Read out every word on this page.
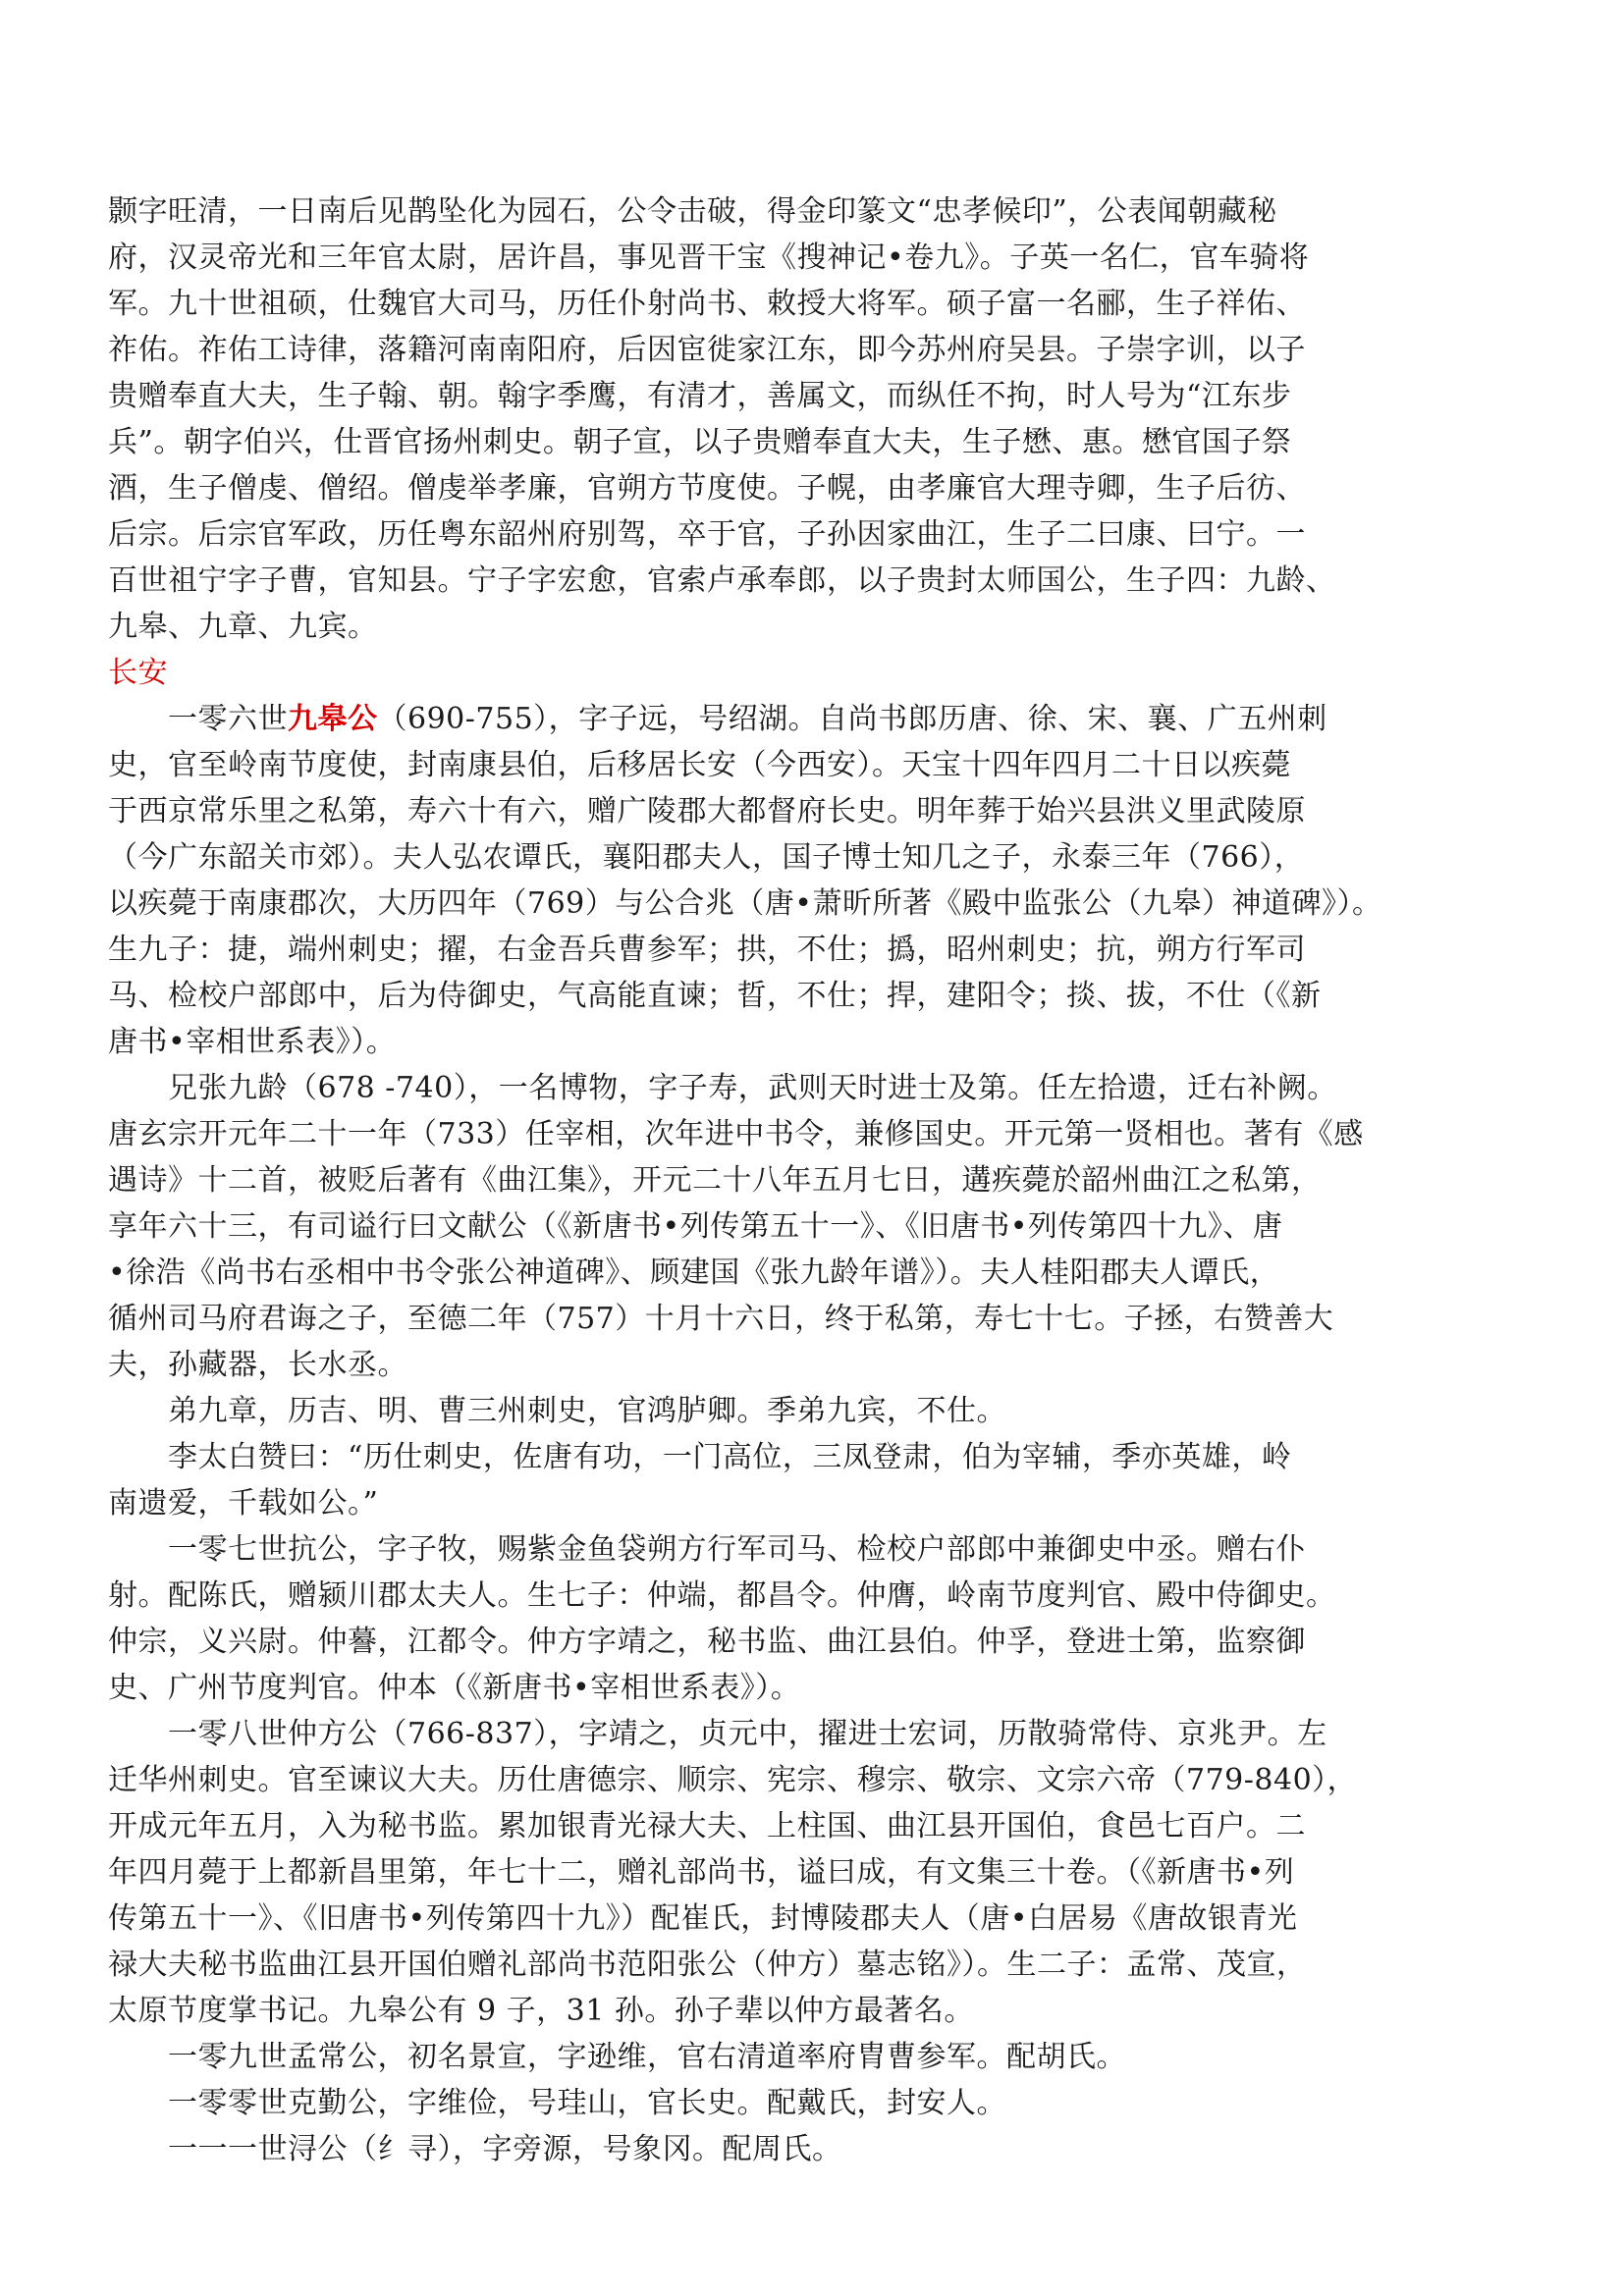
颢字旺清，一日南后见鹊坠化为园石，公令击破，得金印篆文“忠孝候印”，公表闻朝藏秘
府，汉灵帝光和三年官太尉，居许昌，事见晋干宝《搜神记•卷九》。子英一名仁，官车骑将
军。九十世祖硕，仕魏官大司马，历任仆射尚书、敕授大将军。硕子富一名郦，生子祥佑、
祚佑。祚佑工诗律，落籍河南南阳府，后因宦徙家江东，即今苏州府吴县。子崇字训，以子
贵赠奉直大夫，生子翰、朝。翰字季鹰，有清才，善属文，而纵任不拘，时人号为“江东步
兵”。朝字伯兴，仕晋官扬州刺史。朝子宣，以子贵赠奉直大夫，生子懋、惠。懋官国子祭
酒，生子僧虔、僧绍。僧虔举孝廉，官朔方节度使。子幌，由孝廉官大理寺卿，生子后彷、
后宗。后宗官军政，历任粤东韶州府别驾，卒于官，子孙因家曲江，生子二曰康、曰宁。一
百世祖宁字子曹，官知县。宁子字宏愈，官索卢承奉郎，以子贵封太师国公，生子四：九龄、
九皋、九章、九宾。
长安
　　一零六世九皋公（690-755），字子远，号绍湖。自尚书郎历唐、徐、宋、襄、广五州刺
史，官至岭南节度使，封南康县伯，后移居长安（今西安）。天宝十四年四月二十日以疾薨
于西京常乐里之私第，寿六十有六，赠广陵郡大都督府长史。明年葬于始兴县洪义里武陵原
（今广东韶关市郊）。夫人弘农谭氏，襄阳郡夫人，国子博士知几之子，永泰三年（766），
以疾薨于南康郡次，大历四年（769）与公合兆（唐•萧昕所著《殿中监张公（九皋）神道碑》）。
生九子：捷，端州刺史；擢，右金吾兵曹参军；拱，不仕；撝，昭州刺史；抗，朔方行军司
马、检校户部郎中，后为侍御史，气高能直谏；晢，不仕；捍，建阳令；掞、拔，不仕（《新
唐书•宰相世系表》）。
　　兄张九龄（678 -740），一名博物，字子寿，武则天时进士及第。任左拾遗，迁右补阙。
唐玄宗开元年二十一年（733）任宰相，次年进中书令，兼修国史。开元第一贤相也。著有《感
遇诗》十二首，被贬后著有《曲江集》，开元二十八年五月七日，遘疾薨於韶州曲江之私第，
享年六十三，有司谥行曰文献公（《新唐书•列传第五十一》、《旧唐书•列传第四十九》、唐
•徐浩《尚书右丞相中书令张公神道碑》、顾建国《张九龄年谱》）。夫人桂阳郡夫人谭氏，
循州司马府君诲之子，至德二年（757）十月十六日，终于私第，寿七十七。子拯，右赞善大
夫，孙藏器，长水丞。
　　弟九章，历吉、明、曹三州刺史，官鸿胪卿。季弟九宾，不仕。
　　李太白赞曰：“历仕刺史，佐唐有功，一门高位，三凤登肃，伯为宰辅，季亦英雄，岭
南遗爱，千载如公。”
　　一零七世抗公，字子牧，赐紫金鱼袋朔方行军司马、检校户部郎中兼御史中丞。赠右仆
射。配陈氏，赠颍川郡太夫人。生七子：仲端，都昌令。仲膺，岭南节度判官、殿中侍御史。
仲宗，义兴尉。仲謩，江都令。仲方字靖之，秘书监、曲江县伯。仲孚，登进士第，监察御
史、广州节度判官。仲本（《新唐书•宰相世系表》）。
　　一零八世仲方公（766-837），字靖之，贞元中，擢进士宏词，历散骑常侍、京兆尹。左
迁华州刺史。官至谏议大夫。历仕唐德宗、顺宗、宪宗、穆宗、敬宗、文宗六帝（779-840），
开成元年五月，入为秘书监。累加银青光禄大夫、上柱国、曲江县开国伯，食邑七百户。二
年四月薨于上都新昌里第，年七十二，赠礼部尚书，谥曰成，有文集三十卷。（《新唐书•列
传第五十一》、《旧唐书•列传第四十九》）配崔氏，封博陵郡夫人（唐•白居易《唐故银青光
禄大夫秘书监曲江县开国伯赠礼部尚书范阳张公（仲方）墓志铭》）。生二子：孟常、茂宣，
太原节度掌书记。九皋公有 9 子，31 孙。孙子辈以仲方最著名。
　　一零九世孟常公，初名景宣，字逊维，官右清道率府胄曹参军。配胡氏。
　　一零零世克勤公，字维俭，号珪山，官长史。配戴氏，封安人。
　　一一一世浔公（纟寻），字旁源，号象冈。配周氏。
